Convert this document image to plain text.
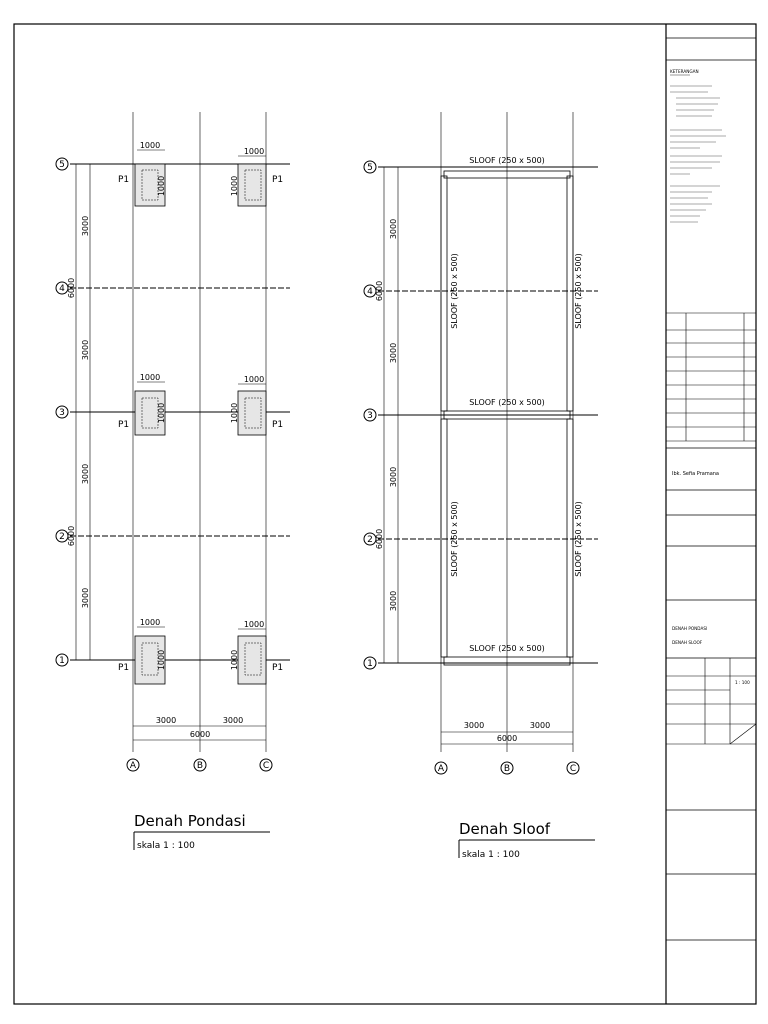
5
4
3
2
1
3000
3000
3000
3000
6000
6000
1000
1000
P1
1000
1000	P1
1000
1000
P1
1000
1000
P1
1000
1000
P1
1000
1000	P1
3000	3000
6000
A	B	C
Denah Pondasi
skala 1 : 100
5
4
3
2
1
3000
3000
3000
3000
6000
6000
SLOOF (250 x 500)
SLOOF (250 x 500)
SLOOF (250 x 500)
SLOOF (250 x 500)	SLOOF (250 x 500)
SLOOF (250 x 500)	SLOOF (250 x 500)
3000	3000
6000
A	B	C
Denah Sloof
skala 1 : 100
KETERANGAN
Ibk. Sefia Pramana
DENAH PONDASI
DENAH SLOOF
1 : 100
